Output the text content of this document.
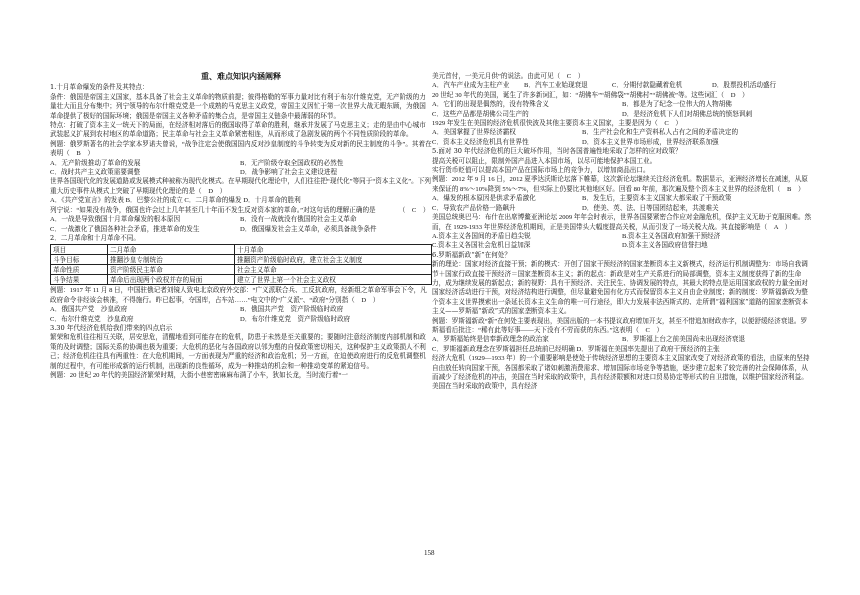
重、难点知识内涵阐释

1.十月革命爆发的条件及其特点：

条件：俄国是帝国主义国家，基本具备了社会主义革命的物质前提；彼得格勒的军事力量对比有利于布尔什维克党，无产阶级的力量壮大而且分布集中；列宁领导的布尔什维克党是一个成熟的马克思主义政党，帝国主义因忙于第一次世界大战无暇东顾，为俄国革命提供了极好的国际环境；俄国是帝国主义各种矛盾的集合点，是帝国主义链条中最薄弱的环节。

特点：打破了资本主义一统天下的局面，在经济相对落后的俄国取得了革命的胜利，继承并发展了马克思主义；走的是由中心城市武装起义扩展到农村地区的革命道路；民主革命与社会主义革命紧密相连，从而形成了急剧发展的两个不同性质阶段的革命。

例题：俄罗斯著名的社会学家本罗诺夫曾说，“战争注定会使俄国国内反对沙皇制度的斗争转变为反对新的民主制度的斗争”。其着在表明（　B　）

A．无产阶级推动了革命的发展	B．无产阶级夺取全国政权的必然性

C．战时共产主义政策需要调整	D．战争影响了社会主义建设进程

世界各国现代化的发展道路或发展模式种被称为现代化模式。在早期现代化理论中，人们往往把“现代化”等同于“资本主义化”。下列重大历史事件从模式上突破了早期现代化理论的是（　D　）

A．《共产党宣言》的发表 B．巴黎公社的成立 C．二月革命的爆发 D．十月革命的胜利

列宁说：“如果没有战争，俄国也许会过上几年甚至几十年而不发生反对资本家的革命。”对这句话的理解正确的是　　　　（　C　）

A．一战是导致俄国十月革命爆发的根本原因	B．没有一战就没有俄国的社会主义革命

C．一战激化了俄国各种社会矛盾，推进革命的发生	D．俄国爆发社会主义革命，必须具备战争条件

2．二月革命和十月革命不同。

项目	二月革命	十月革命
斗争目标	推翻沙皇专制统治	推翻资产阶级临时政府，建立社会主义制度
革命性质	资产阶级民主革命	社会主义革命
斗争结果	革命后出现两个政权并存的局面	建立了世界上第一个社会主义政权

例题：1917 年 11 月 8 日，中国驻俄记者刘镜人致电北京政府外交部：“广义派联合兵、工反抗政府，经新组之革命军事会下令，凡政府命令非经该会核准，不得施行。昨已起事，夺国库，占车站……”电文中的“广义派”、“政府”分别指（　D　）

A．俄国共产党　沙皇政府	B．俄国共产党　资产阶级临时政府

C．布尔什维克党　沙皇政府	D．布尔什维克党　资产阶级临时政府

3.30 年代经济危机给我们带来的四点启示

繁荣和危机往往相互关联，居安思危，清醒地看到可能存在的危机，防患于未然是至关重要的；要随时注意经济制度内部机制和政策的及时调整；国际关系的协调也极为重要；大危机的恶化与各国政府以邻为壑的自保政策密切相关，这种保护主义政策损人不利己；经济危机往往具有两重性：在大危机期间，一方面表现为严重的经济和政治危机；另一方面，在迫使政府进行的反危机调整机制的过程中，有可能形成新的运行机制，出现新的良性循环，成为一种推动的机会和一种推动变革的紧迫信号。

例题：20 世纪 20 年代的美国经济繁荣时期，大街小巷密密麻麻布满了小车，狄如长龙，当时流行着“一

美元首付，一美元月供”的说法。由此可见（　C　）

A．汽车产业成为主柱产业 B．汽车工业始现衰退	C．分期付款隐藏着危机	D．股票投机活动盛行

20 世纪 30 年代的美国，诞生了许多新词汇，如：“胡佛车”“胡佛袋”“胡佛村”“胡佛被”等。这些词汇（　D　）

A．它们的出现是偶然的，没有特殊含义	B．都是为了纪念一位伟大的人物胡佛

C．这些产品都是胡佛公司生产的	D．是经济危机下人们对胡佛总统的愤怒讽刺

1929 年发生在美国的经济危机很快波及其他主要资本主义国家，主要是因为（　C　）

A．美国掌握了世界经济霸权	B．生产社会化和生产资料私人占有之间的矛盾决定的

C．资本主义经济危机具有世界性	D．资本主义世界市场形成，世界经济联系加强

5.面对 30 年代经济危机的巨大破坏作用，当时各国普遍性地采取了怎样的应对政策？

提高关税可以阻止，限制外国产品进入本国市场，以尽可能地保护本国工业。

实行货币贬值可以提高本国产品在国际市场上的竞争力，以增加商品出口。

例题：2012 年 9 月 16 日，2012 夏季达沃斯论坛落下帷幕，这次新论坛继续关注经济危机。数据显示，亚洲经济增长在减速，从原来保证的 8%～10%降到 5%～7%，但实际上仍要比其他地区好。回看 80 年前，那次遍及整个资本主义世界的经济危机（　B　）

A．爆发的根本原因是供求矛盾激化	B．发生后，主要资本主义国家大都采取了干预政策

C．导致农产品价格一路飙升	D．使美、英、法、日等国团结起来，共渡难关

美国总统奥巴马：布什在出席博鳌亚洲论坛 2009 年年会时表示，世界各国要紧密合作应对金融危机，保护主义无助于克服困难。然而，在 1929-1933 年世界经济危机期间，正是美国带头大幅度提高关税，从而引发了一场关税大战。其直接影响是（　A　）

A.资本主义各国间的矛盾日趋尖锐	B.资本主义各国政府加强干预经济

C.资本主义各国社会危机日益加深	D.资本主义各国政府信誉扫地

6.罗斯福新政“新”在何处？

新的理论：国家对经济直接干预；新的模式：开创了国家干预经济的国家垄断资本主义新模式，经济运行机制调整为：市场自我调节＋国家行政直接干预经济＝国家垄断资本主义；新的起点：新政是对生产关系进行的局部调整，资本主义制度获得了新的生命力，成为继续发展的新起点；新的视野：具有干预经济、关注民生、协调发展的特点，其最大的特点是运用国家政权的力量全面对国家经济活动进行干预，对经济结构进行调整，但尽量避免国有化方式而保留资本主义自由企业制度；新的制度：罗斯福新政为整个资本主义世界摸索出一条延长资本主义生命的唯一可行途径，即大力发展非法西斯式的、走所谓“福利国家”道路的国家垄断资本主义——罗斯福“新政”式的国家垄断资本主义。

例题：罗斯福新政“新”在何处主要表现出，美国出版的一本书提议政府增加开支，甚至不惜追加财政赤字，以便舒缓经济衰退。罗斯福看后批注：“稀有此等好事——天下没有不劳而获的东西。”这表明（　C　）

A．罗斯福始终是信奉新政理念的政治家	B．罗斯福上台之前美国尚未出现经济衰退

C．罗斯福新政理念在罗斯福担任总统前已经明确 D．罗斯福在美国率先提出了政府干预经济的主张

经济大危机（1929—1933 年）的一个重要影响是使处于传统经济思想的主要资本主义国家改变了对经济政策的看法，由原来的坚持自由放任转向国家干预，各国都采取了诸如刺激消费需求、增加国际市场竞争等措施，逐步建立起来了较完善的社会保障体系，从而减少了经济危机的冲击，美国在当时采取的政策中，具有经济限额和对进口贸易协定等形式的自卫措施，以维护国家经济利益。美国在当时采取的政策中，具有经济

158
